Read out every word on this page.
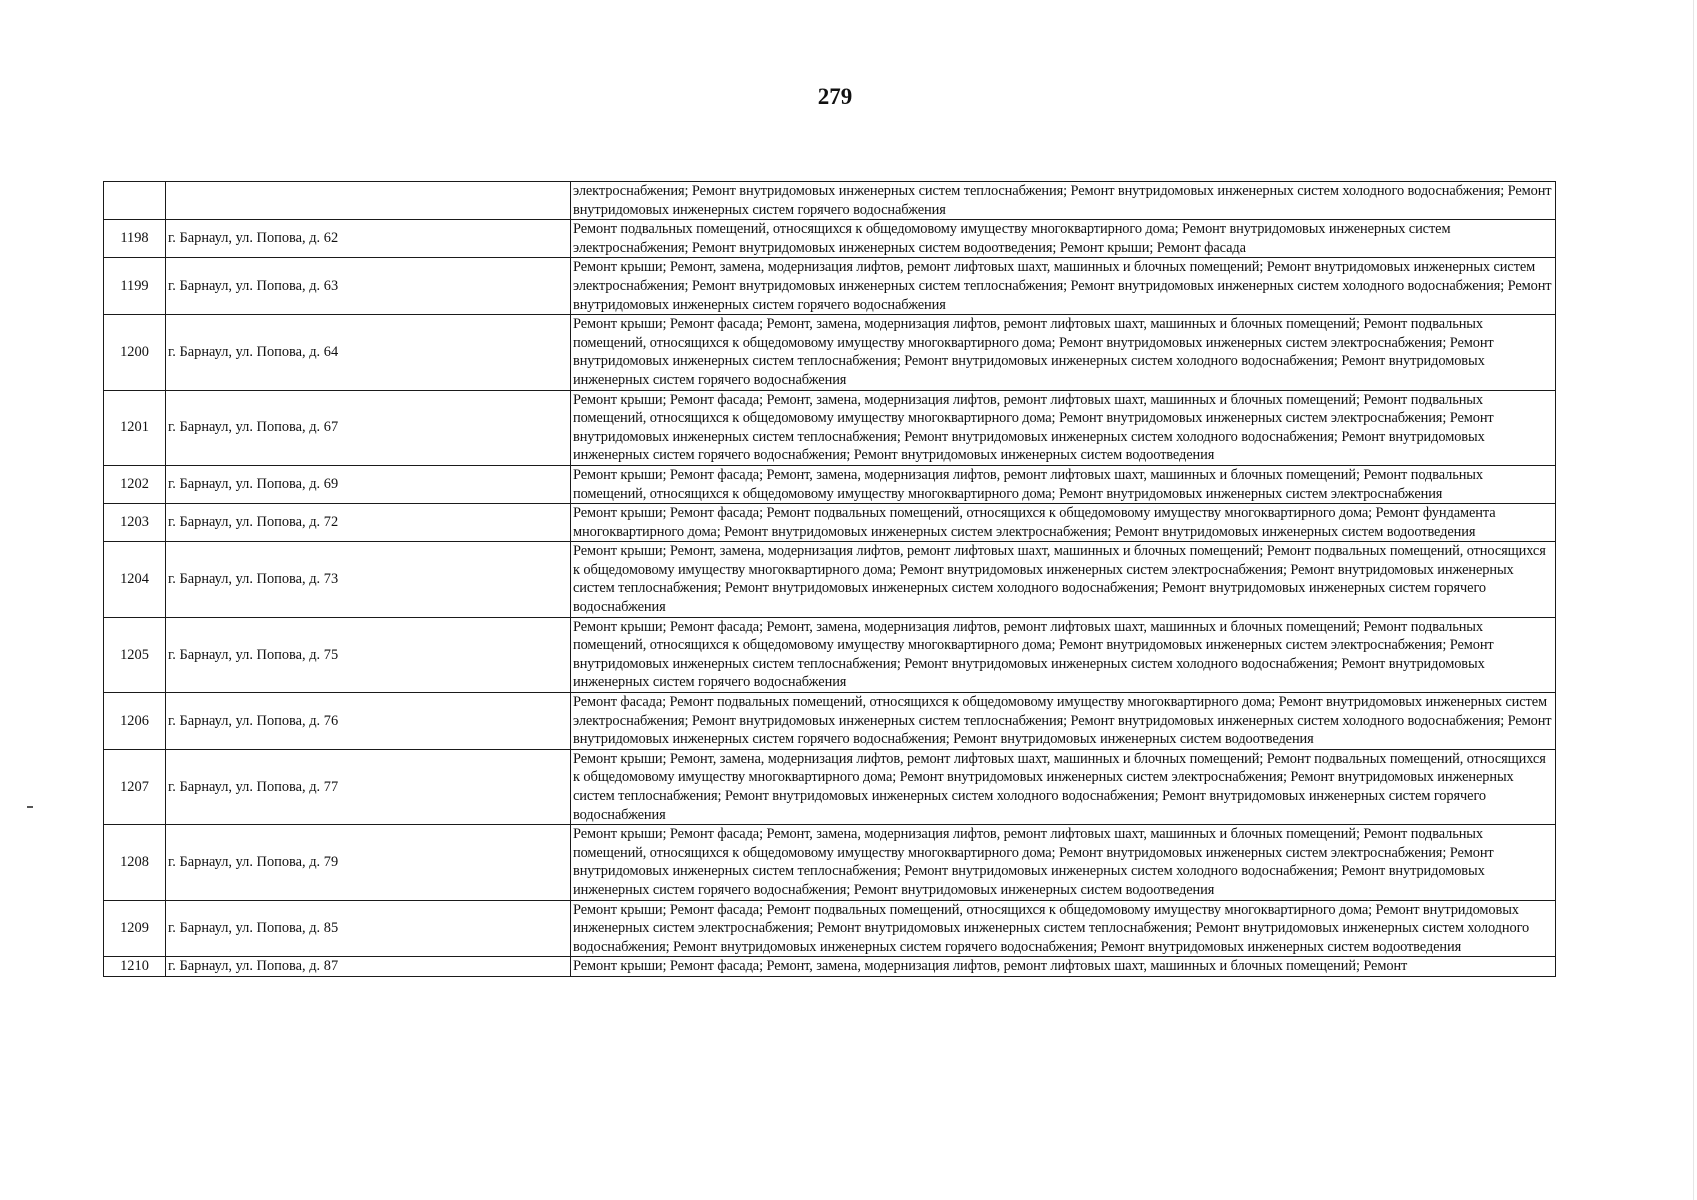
279
		электроснабжения; Ремонт внутридомовых инженерных систем теплоснабжения; Ремонт внутридомовых инженерных систем холодного водоснабжения; Ремонт внутридомовых инженерных систем горячего водоснабжения
1198	г. Барнаул, ул. Попова, д. 62	Ремонт подвальных помещений, относящихся к общедомовому имуществу многоквартирного дома; Ремонт внутридомовых инженерных систем электроснабжения; Ремонт внутридомовых инженерных систем водоотведения; Ремонт крыши; Ремонт фасада
1199	г. Барнаул, ул. Попова, д. 63	Ремонт крыши; Ремонт, замена, модернизация лифтов, ремонт лифтовых шахт, машинных и блочных помещений; Ремонт внутридомовых инженерных систем электроснабжения; Ремонт внутридомовых инженерных систем теплоснабжения; Ремонт внутридомовых инженерных систем холодного водоснабжения; Ремонт внутридомовых инженерных систем горячего водоснабжения
1200	г. Барнаул, ул. Попова, д. 64	Ремонт крыши; Ремонт фасада; Ремонт, замена, модернизация лифтов, ремонт лифтовых шахт, машинных и блочных помещений; Ремонт подвальных помещений, относящихся к общедомовому имуществу многоквартирного дома; Ремонт внутридомовых инженерных систем электроснабжения; Ремонт внутридомовых инженерных систем теплоснабжения; Ремонт внутридомовых инженерных систем холодного водоснабжения; Ремонт внутридомовых инженерных систем горячего водоснабжения
1201	г. Барнаул, ул. Попова, д. 67	Ремонт крыши; Ремонт фасада; Ремонт, замена, модернизация лифтов, ремонт лифтовых шахт, машинных и блочных помещений; Ремонт подвальных помещений, относящихся к общедомовому имуществу многоквартирного дома; Ремонт внутридомовых инженерных систем электроснабжения; Ремонт внутридомовых инженерных систем теплоснабжения; Ремонт внутридомовых инженерных систем холодного водоснабжения; Ремонт внутридомовых инженерных систем горячего водоснабжения; Ремонт внутридомовых инженерных систем водоотведения
1202	г. Барнаул, ул. Попова, д. 69	Ремонт крыши; Ремонт фасада; Ремонт, замена, модернизация лифтов, ремонт лифтовых шахт, машинных и блочных помещений; Ремонт подвальных помещений, относящихся к общедомовому имуществу многоквартирного дома; Ремонт внутридомовых инженерных систем электроснабжения
1203	г. Барнаул, ул. Попова, д. 72	Ремонт крыши; Ремонт фасада; Ремонт подвальных помещений, относящихся к общедомовому имуществу многоквартирного дома; Ремонт фундамента многоквартирного дома; Ремонт внутридомовых инженерных систем электроснабжения; Ремонт внутридомовых инженерных систем водоотведения
1204	г. Барнаул, ул. Попова, д. 73	Ремонт крыши; Ремонт, замена, модернизация лифтов, ремонт лифтовых шахт, машинных и блочных помещений; Ремонт подвальных помещений, относящихся к общедомовому имуществу многоквартирного дома; Ремонт внутридомовых инженерных систем электроснабжения; Ремонт внутридомовых инженерных систем теплоснабжения; Ремонт внутридомовых инженерных систем холодного водоснабжения; Ремонт внутридомовых инженерных систем горячего водоснабжения
1205	г. Барнаул, ул. Попова, д. 75	Ремонт крыши; Ремонт фасада; Ремонт, замена, модернизация лифтов, ремонт лифтовых шахт, машинных и блочных помещений; Ремонт подвальных помещений, относящихся к общедомовому имуществу многоквартирного дома; Ремонт внутридомовых инженерных систем электроснабжения; Ремонт внутридомовых инженерных систем теплоснабжения; Ремонт внутридомовых инженерных систем холодного водоснабжения; Ремонт внутридомовых инженерных систем горячего водоснабжения
1206	г. Барнаул, ул. Попова, д. 76	Ремонт фасада; Ремонт подвальных помещений, относящихся к общедомовому имуществу многоквартирного дома; Ремонт внутридомовых инженерных систем электроснабжения; Ремонт внутридомовых инженерных систем теплоснабжения; Ремонт внутридомовых инженерных систем холодного водоснабжения; Ремонт внутридомовых инженерных систем горячего водоснабжения; Ремонт внутридомовых инженерных систем водоотведения
1207	г. Барнаул, ул. Попова, д. 77	Ремонт крыши; Ремонт, замена, модернизация лифтов, ремонт лифтовых шахт, машинных и блочных помещений; Ремонт подвальных помещений, относящихся к общедомовому имуществу многоквартирного дома; Ремонт внутридомовых инженерных систем электроснабжения; Ремонт внутридомовых инженерных систем теплоснабжения; Ремонт внутридомовых инженерных систем холодного водоснабжения; Ремонт внутридомовых инженерных систем горячего водоснабжения
1208	г. Барнаул, ул. Попова, д. 79	Ремонт крыши; Ремонт фасада; Ремонт, замена, модернизация лифтов, ремонт лифтовых шахт, машинных и блочных помещений; Ремонт подвальных помещений, относящихся к общедомовому имуществу многоквартирного дома; Ремонт внутридомовых инженерных систем электроснабжения; Ремонт внутридомовых инженерных систем теплоснабжения; Ремонт внутридомовых инженерных систем холодного водоснабжения; Ремонт внутридомовых инженерных систем горячего водоснабжения; Ремонт внутридомовых инженерных систем водоотведения
1209	г. Барнаул, ул. Попова, д. 85	Ремонт крыши; Ремонт фасада; Ремонт подвальных помещений, относящихся к общедомовому имуществу многоквартирного дома; Ремонт внутридомовых инженерных систем электроснабжения; Ремонт внутридомовых инженерных систем теплоснабжения; Ремонт внутридомовых инженерных систем холодного водоснабжения; Ремонт внутридомовых инженерных систем горячего водоснабжения; Ремонт внутридомовых инженерных систем водоотведения
1210	г. Барнаул, ул. Попова, д. 87	Ремонт крыши; Ремонт фасада; Ремонт, замена, модернизация лифтов, ремонт лифтовых шахт, машинных и блочных помещений; Ремонт
